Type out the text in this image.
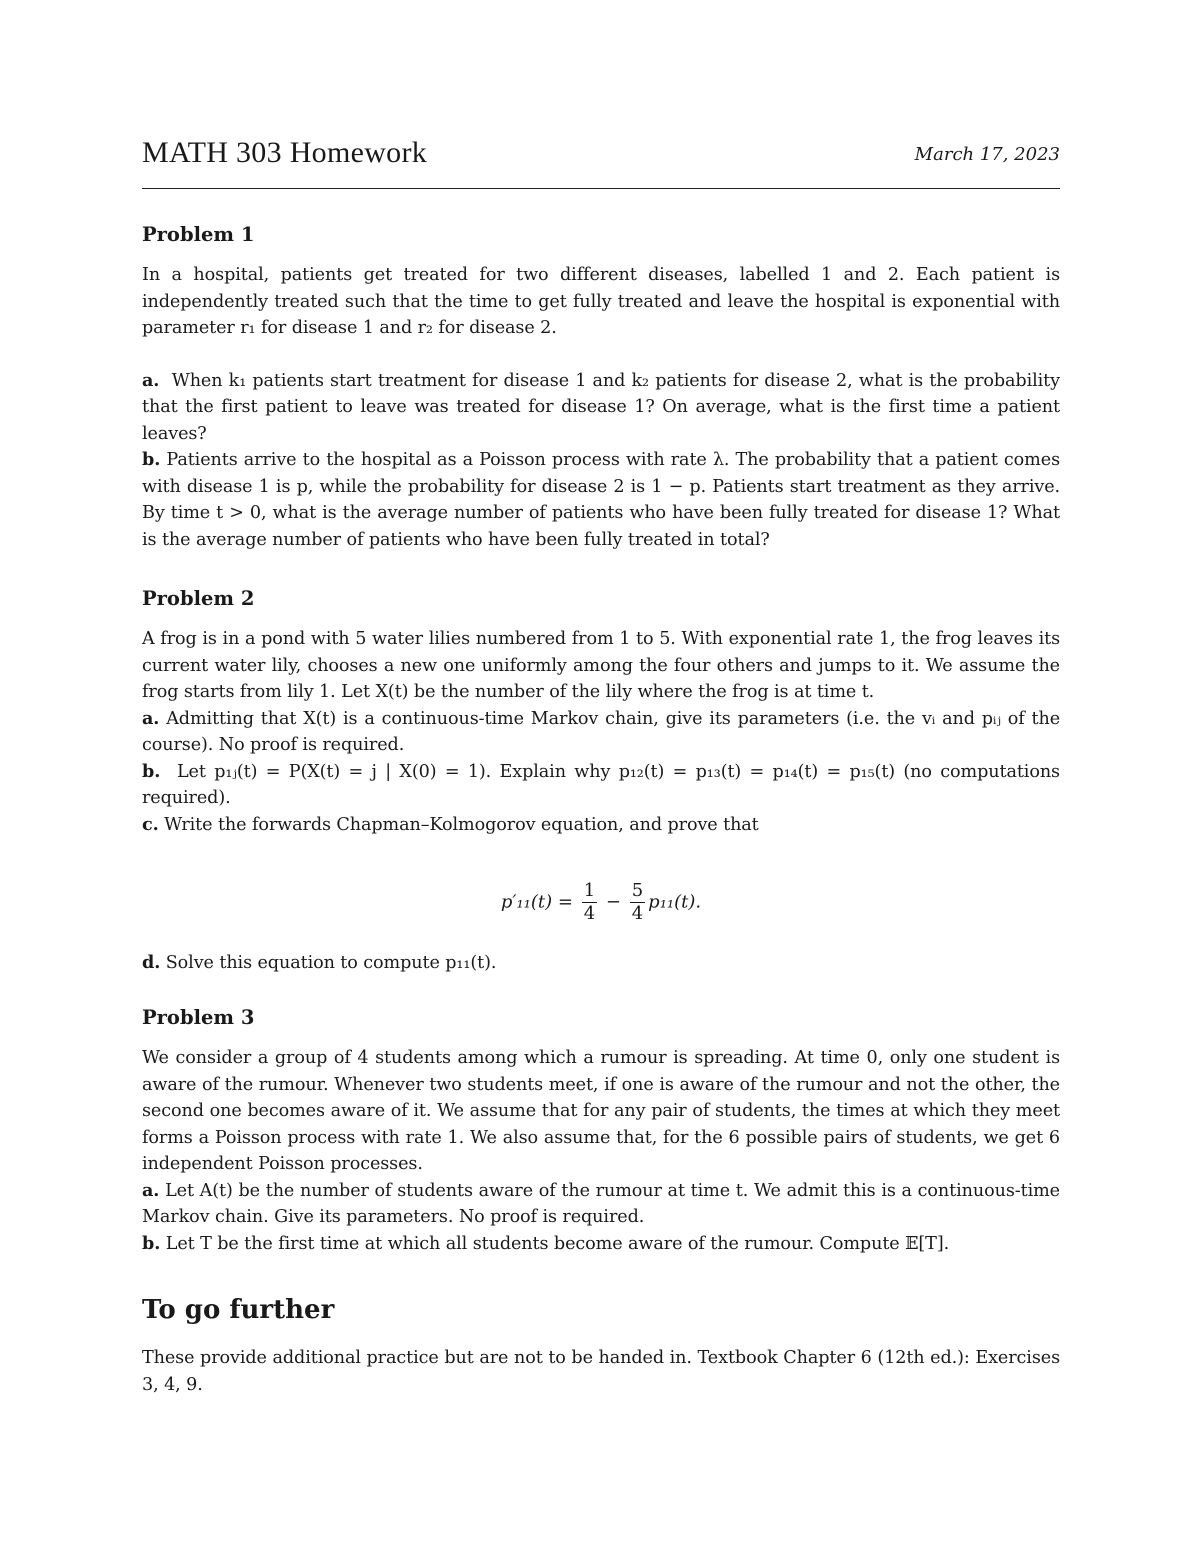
MATH 303 Homework	March 17, 2023
Problem 1

In a hospital, patients get treated for two different diseases, labelled 1 and 2. Each patient is independently treated such that the time to get fully treated and leave the hospital is exponential with parameter r₁ for disease 1 and r₂ for disease 2.

a. When k₁ patients start treatment for disease 1 and k₂ patients for disease 2, what is the probability that the first patient to leave was treated for disease 1? On average, what is the first time a patient leaves?

b. Patients arrive to the hospital as a Poisson process with rate λ. The probability that a patient comes with disease 1 is p, while the probability for disease 2 is 1 − p. Patients start treatment as they arrive. By time t > 0, what is the average number of patients who have been fully treated for disease 1? What is the average number of patients who have been fully treated in total?

Problem 2

A frog is in a pond with 5 water lilies numbered from 1 to 5. With exponential rate 1, the frog leaves its current water lily, chooses a new one uniformly among the four others and jumps to it. We assume the frog starts from lily 1. Let X(t) be the number of the lily where the frog is at time t.

a. Admitting that X(t) is a continuous-time Markov chain, give its parameters (i.e. the vᵢ and pᵢⱼ of the course). No proof is required.

b. Let p₁ⱼ(t) = P(X(t) = j | X(0) = 1). Explain why p₁₂(t) = p₁₃(t) = p₁₄(t) = p₁₅(t) (no computations required).

c. Write the forwards Chapman–Kolmogorov equation, and prove that

$p'_{11}(t) = \frac{1}{4} - \frac{5}{4} p_{11}(t)$.

d. Solve this equation to compute p₁₁(t).

Problem 3

We consider a group of 4 students among which a rumour is spreading. At time 0, only one student is aware of the rumour. Whenever two students meet, if one is aware of the rumour and not the other, the second one becomes aware of it. We assume that for any pair of students, the times at which they meet forms a Poisson process with rate 1. We also assume that, for the 6 possible pairs of students, we get 6 independent Poisson processes.

a. Let A(t) be the number of students aware of the rumour at time t. We admit this is a continuous-time Markov chain. Give its parameters. No proof is required.

b. Let T be the first time at which all students become aware of the rumour. Compute 𝔼[T].

To go further

These provide additional practice but are not to be handed in. Textbook Chapter 6 (12th ed.): Exercises 3, 4, 9.
